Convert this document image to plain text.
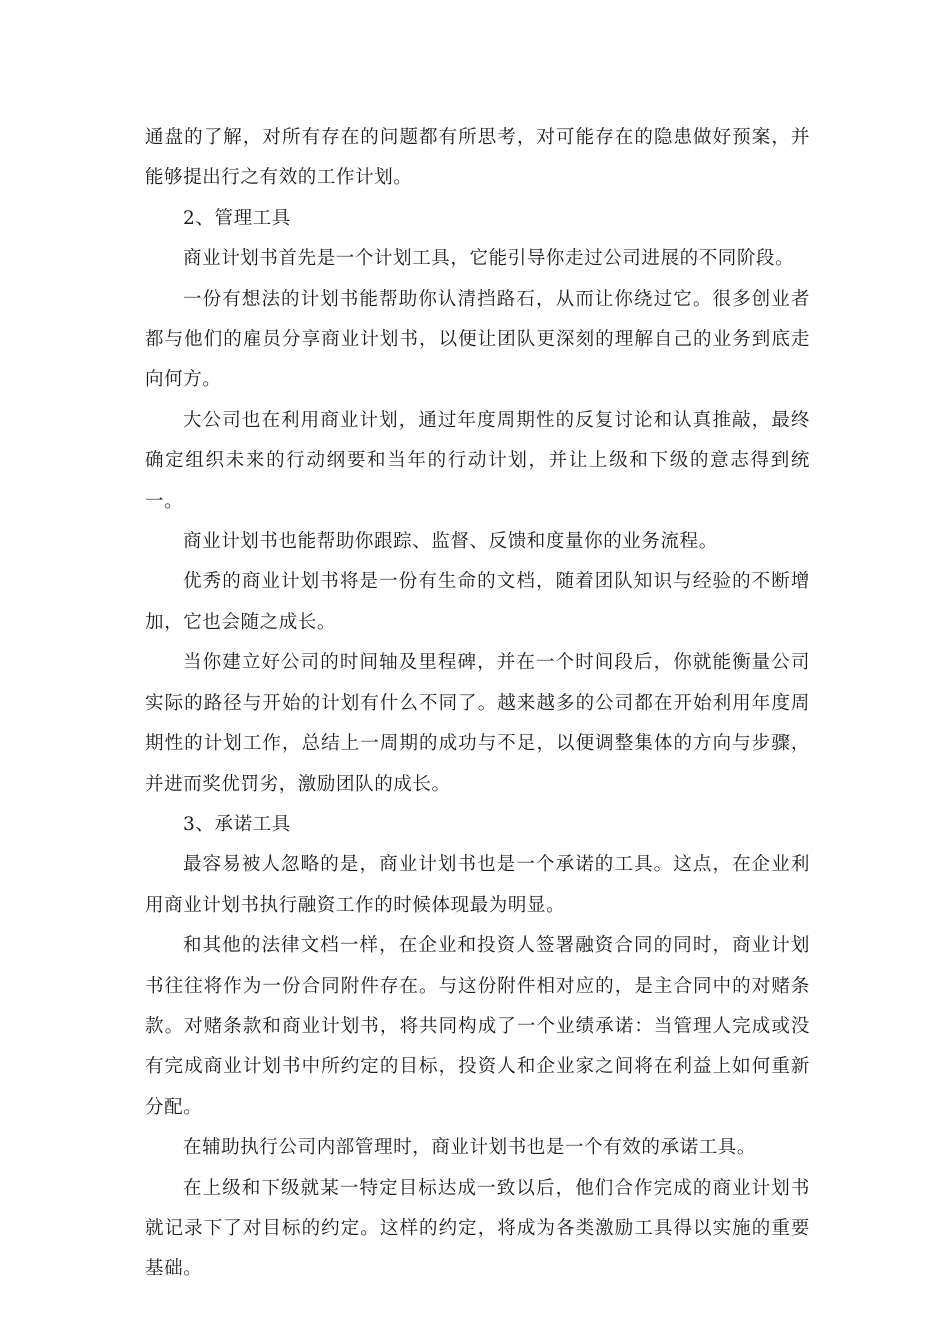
通盘的了解，对所有存在的问题都有所思考，对可能存在的隐患做好预案，并能够提出行之有效的工作计划。

2、管理工具

商业计划书首先是一个计划工具，它能引导你走过公司进展的不同阶段。

一份有想法的计划书能帮助你认清挡路石，从而让你绕过它。很多创业者都与他们的雇员分享商业计划书，以便让团队更深刻的理解自己的业务到底走向何方。

大公司也在利用商业计划，通过年度周期性的反复讨论和认真推敲，最终确定组织未来的行动纲要和当年的行动计划，并让上级和下级的意志得到统一。

商业计划书也能帮助你跟踪、监督、反馈和度量你的业务流程。

优秀的商业计划书将是一份有生命的文档，随着团队知识与经验的不断增加，它也会随之成长。

当你建立好公司的时间轴及里程碑，并在一个时间段后，你就能衡量公司实际的路径与开始的计划有什么不同了。越来越多的公司都在开始利用年度周期性的计划工作，总结上一周期的成功与不足，以便调整集体的方向与步骤，并进而奖优罚劣，激励团队的成长。

3、承诺工具

最容易被人忽略的是，商业计划书也是一个承诺的工具。这点，在企业利用商业计划书执行融资工作的时候体现最为明显。

和其他的法律文档一样，在企业和投资人签署融资合同的同时，商业计划书往往将作为一份合同附件存在。与这份附件相对应的，是主合同中的对赌条款。对赌条款和商业计划书，将共同构成了一个业绩承诺：当管理人完成或没有完成商业计划书中所约定的目标，投资人和企业家之间将在利益上如何重新分配。

在辅助执行公司内部管理时，商业计划书也是一个有效的承诺工具。

在上级和下级就某一特定目标达成一致以后，他们合作完成的商业计划书就记录下了对目标的约定。这样的约定，将成为各类激励工具得以实施的重要基础。
